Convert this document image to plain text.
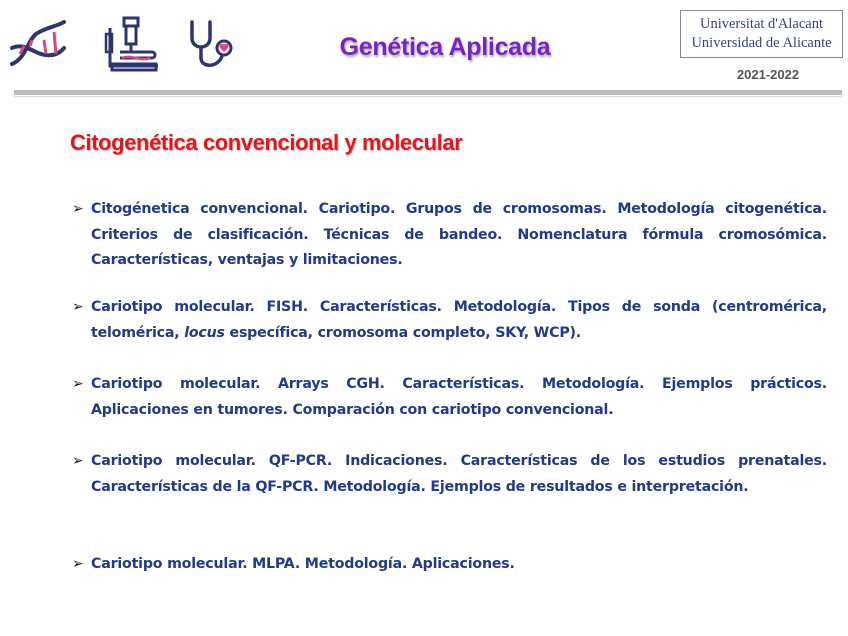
Genética Aplicada
Universitat d'Alacant
Universidad de Alicante
2021-2022
Citogenética convencional y molecular
➢ Citogénetica convencional. Cariotipo. Grupos de cromosomas. Metodología citogenética. Criterios de clasificación. Técnicas de bandeo. Nomenclatura fórmula cromosómica. Características, ventajas y limitaciones.
➢ Cariotipo molecular. FISH. Características. Metodología. Tipos de sonda (centromérica, telomérica, locus específica, cromosoma completo, SKY, WCP).
➢ Cariotipo molecular. Arrays CGH. Características. Metodología. Ejemplos prácticos. Aplicaciones en tumores. Comparación con cariotipo convencional.
➢ Cariotipo molecular. QF-PCR. Indicaciones. Características de los estudios prenatales. Características de la QF-PCR. Metodología. Ejemplos de resultados e interpretación.
➢ Cariotipo molecular. MLPA. Metodología. Aplicaciones.
